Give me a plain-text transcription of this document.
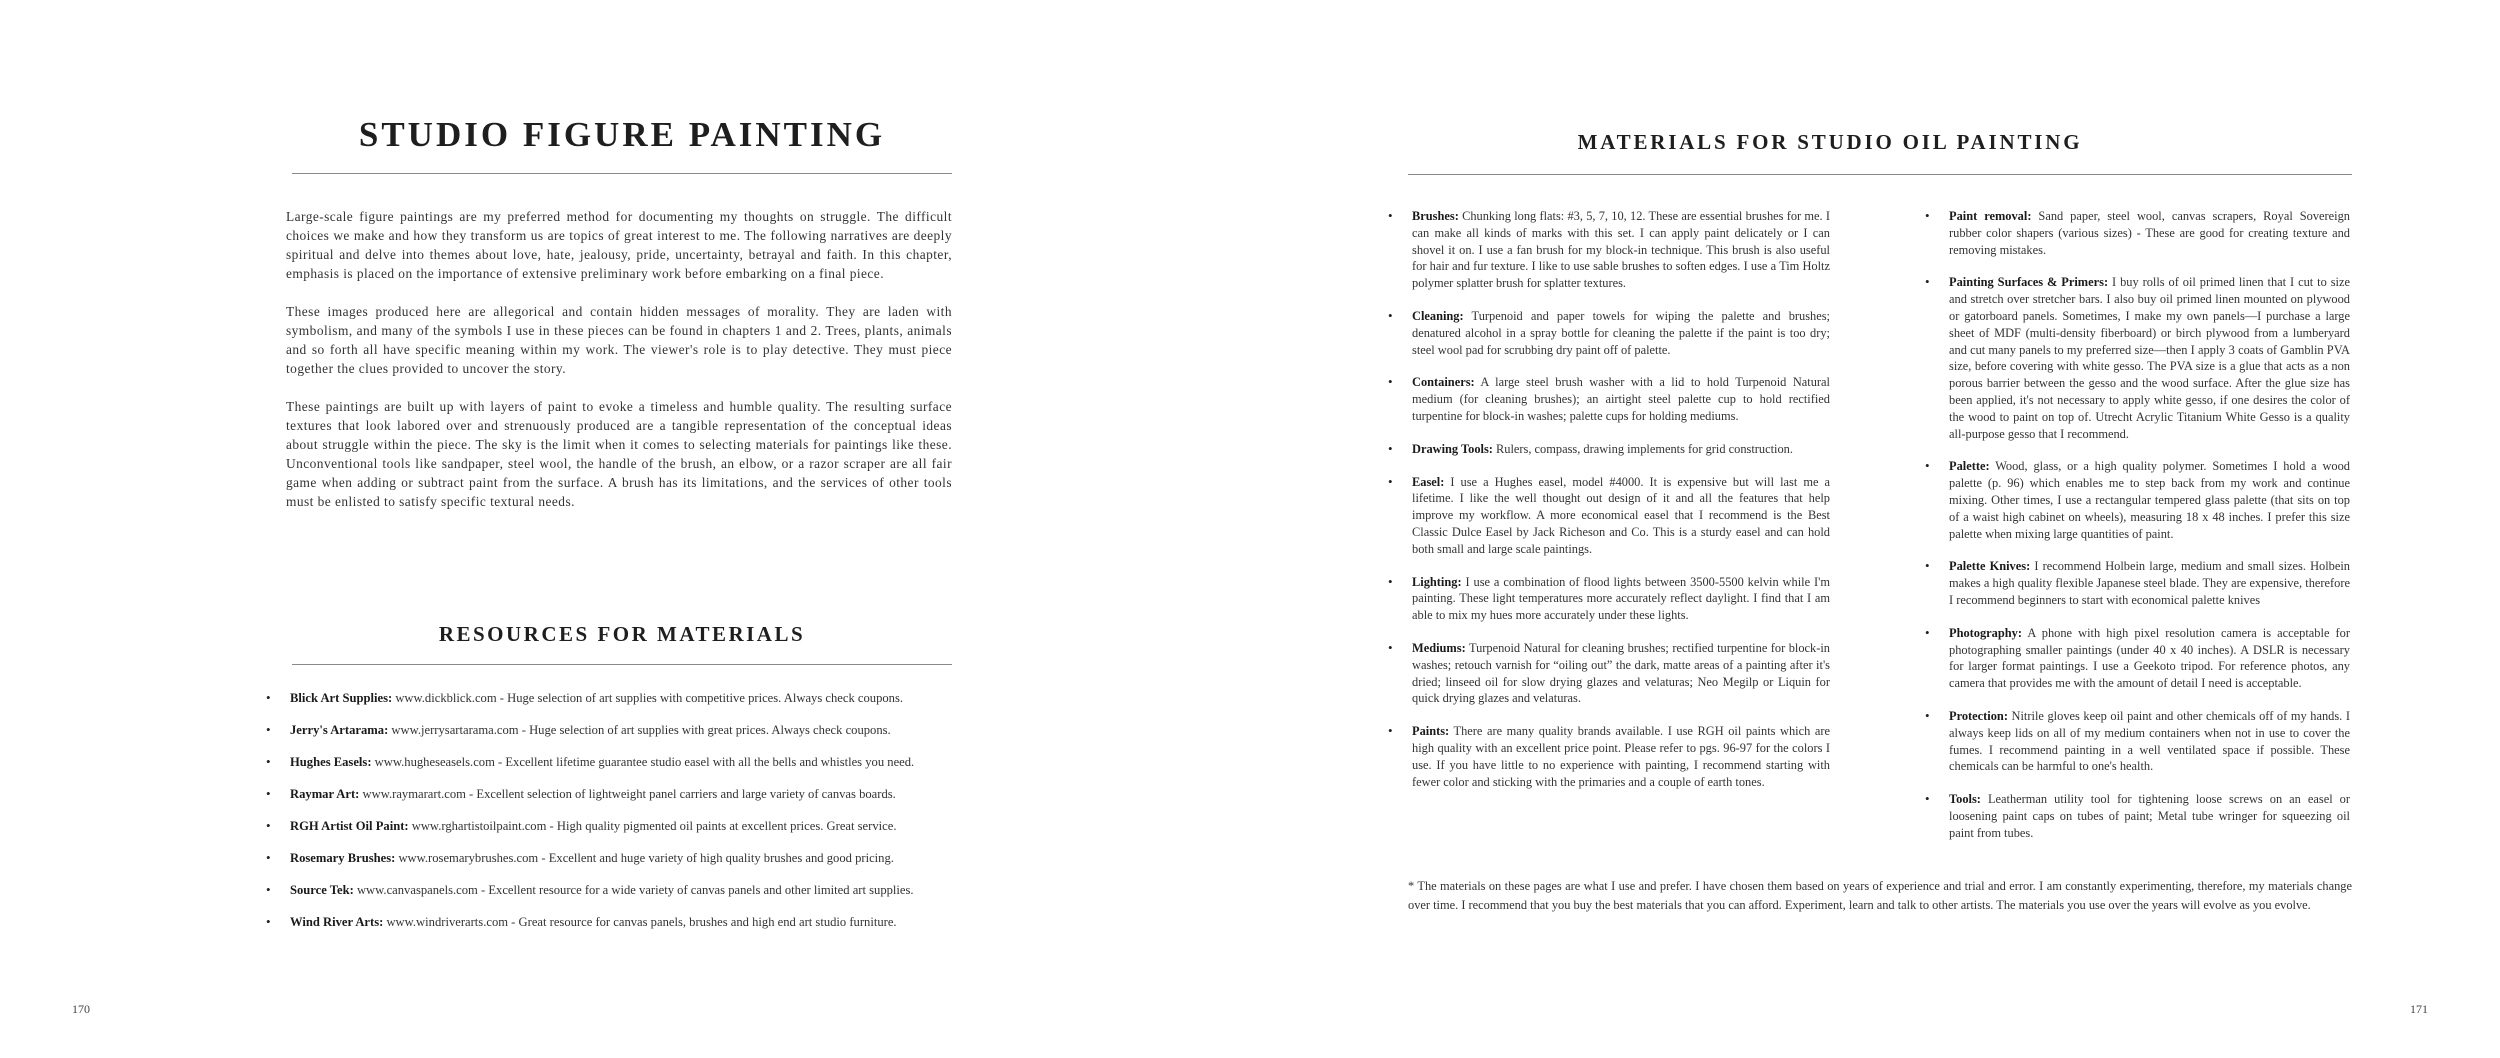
STUDIO FIGURE PAINTING

Large-scale figure paintings are my preferred method for documenting my thoughts on struggle. The difficult choices we make and how they transform us are topics of great interest to me. The following narratives are deeply spiritual and delve into themes about love, hate, jealousy, pride, uncertainty, betrayal and faith. In this chapter, emphasis is placed on the importance of extensive preliminary work before embarking on a final piece.

These images produced here are allegorical and contain hidden messages of morality. They are laden with symbolism, and many of the symbols I use in these pieces can be found in chapters 1 and 2. Trees, plants, animals and so forth all have specific meaning within my work. The viewer's role is to play detective. They must piece together the clues provided to uncover the story.

These paintings are built up with layers of paint to evoke a timeless and humble quality. The resulting surface textures that look labored over and strenuously produced are a tangible representation of the conceptual ideas about struggle within the piece. The sky is the limit when it comes to selecting materials for paintings like these. Unconventional tools like sandpaper, steel wool, the handle of the brush, an elbow, or a razor scraper are all fair game when adding or subtract paint from the surface. A brush has its limitations, and the services of other tools must be enlisted to satisfy specific textural needs.

RESOURCES FOR MATERIALS
• Blick Art Supplies: www.dickblick.com - Huge selection of art supplies with competitive prices. Always check coupons.
• Jerry's Artarama: www.jerrysartarama.com - Huge selection of art supplies with great prices. Always check coupons.
• Hughes Easels: www.hugheseasels.com - Excellent lifetime guarantee studio easel with all the bells and whistles you need.
• Raymar Art: www.raymarart.com - Excellent selection of lightweight panel carriers and large variety of canvas boards.
• RGH Artist Oil Paint: www.rghartistoilpaint.com - High quality pigmented oil paints at excellent prices. Great service.
• Rosemary Brushes: www.rosemarybrushes.com - Excellent and huge variety of high quality brushes and good pricing.
• Source Tek: www.canvaspanels.com - Excellent resource for a wide variety of canvas panels and other limited art supplies.
• Wind River Arts: www.windriverarts.com - Great resource for canvas panels, brushes and high end art studio furniture.
170
MATERIALS FOR STUDIO OIL PAINTING
• Brushes: Chunking long flats: #3, 5, 7, 10, 12. These are essential brushes for me. I can make all kinds of marks with this set. I can apply paint delicately or I can shovel it on. I use a fan brush for my block-in technique. This brush is also useful for hair and fur texture. I like to use sable brushes to soften edges. I use a Tim Holtz polymer splatter brush for splatter textures.
• Cleaning: Turpenoid and paper towels for wiping the palette and brushes; denatured alcohol in a spray bottle for cleaning the palette if the paint is too dry; steel wool pad for scrubbing dry paint off of palette.
• Containers: A large steel brush washer with a lid to hold Turpenoid Natural medium (for cleaning brushes); an airtight steel palette cup to hold rectified turpentine for block-in washes; palette cups for holding mediums.
• Drawing Tools: Rulers, compass, drawing implements for grid construction.
• Easel: I use a Hughes easel, model #4000. It is expensive but will last me a lifetime. I like the well thought out design of it and all the features that help improve my workflow. A more economical easel that I recommend is the Best Classic Dulce Easel by Jack Richeson and Co. This is a sturdy easel and can hold both small and large scale paintings.
• Lighting: I use a combination of flood lights between 3500-5500 kelvin while I'm painting. These light temperatures more accurately reflect daylight. I find that I am able to mix my hues more accurately under these lights.
• Mediums: Turpenoid Natural for cleaning brushes; rectified turpentine for block-in washes; retouch varnish for “oiling out” the dark, matte areas of a painting after it's dried; linseed oil for slow drying glazes and velaturas; Neo Megilp or Liquin for quick drying glazes and velaturas.
• Paints: There are many quality brands available. I use RGH oil paints which are high quality with an excellent price point. Please refer to pgs. 96-97 for the colors I use. If you have little to no experience with painting, I recommend starting with fewer color and sticking with the primaries and a couple of earth tones.
• Paint removal: Sand paper, steel wool, canvas scrapers, Royal Sovereign rubber color shapers (various sizes) - These are good for creating texture and removing mistakes.
• Painting Surfaces & Primers: I buy rolls of oil primed linen that I cut to size and stretch over stretcher bars. I also buy oil primed linen mounted on plywood or gatorboard panels. Sometimes, I make my own panels—I purchase a large sheet of MDF (multi-density fiberboard) or birch plywood from a lumberyard and cut many panels to my preferred size—then I apply 3 coats of Gamblin PVA size, before covering with white gesso. The PVA size is a glue that acts as a non porous barrier between the gesso and the wood surface. After the glue size has been applied, it's not necessary to apply white gesso, if one desires the color of the wood to paint on top of. Utrecht Acrylic Titanium White Gesso is a quality all-purpose gesso that I recommend.
• Palette: Wood, glass, or a high quality polymer. Sometimes I hold a wood palette (p. 96) which enables me to step back from my work and continue mixing. Other times, I use a rectangular tempered glass palette (that sits on top of a waist high cabinet on wheels), measuring 18 x 48 inches. I prefer this size palette when mixing large quantities of paint.
• Palette Knives: I recommend Holbein large, medium and small sizes. Holbein makes a high quality flexible Japanese steel blade. They are expensive, therefore I recommend beginners to start with economical palette knives
• Photography: A phone with high pixel resolution camera is acceptable for photographing smaller paintings (under 40 x 40 inches). A DSLR is necessary for larger format paintings. I use a Geekoto tripod. For reference photos, any camera that provides me with the amount of detail I need is acceptable.
• Protection: Nitrile gloves keep oil paint and other chemicals off of my hands. I always keep lids on all of my medium containers when not in use to cover the fumes. I recommend painting in a well ventilated space if possible. These chemicals can be harmful to one's health.
• Tools: Leatherman utility tool for tightening loose screws on an easel or loosening paint caps on tubes of paint; Metal tube wringer for squeezing oil paint from tubes.

* The materials on these pages are what I use and prefer. I have chosen them based on years of experience and trial and error. I am constantly experimenting, therefore, my materials change over time. I recommend that you buy the best materials that you can afford. Experiment, learn and talk to other artists. The materials you use over the years will evolve as you evolve.

171
